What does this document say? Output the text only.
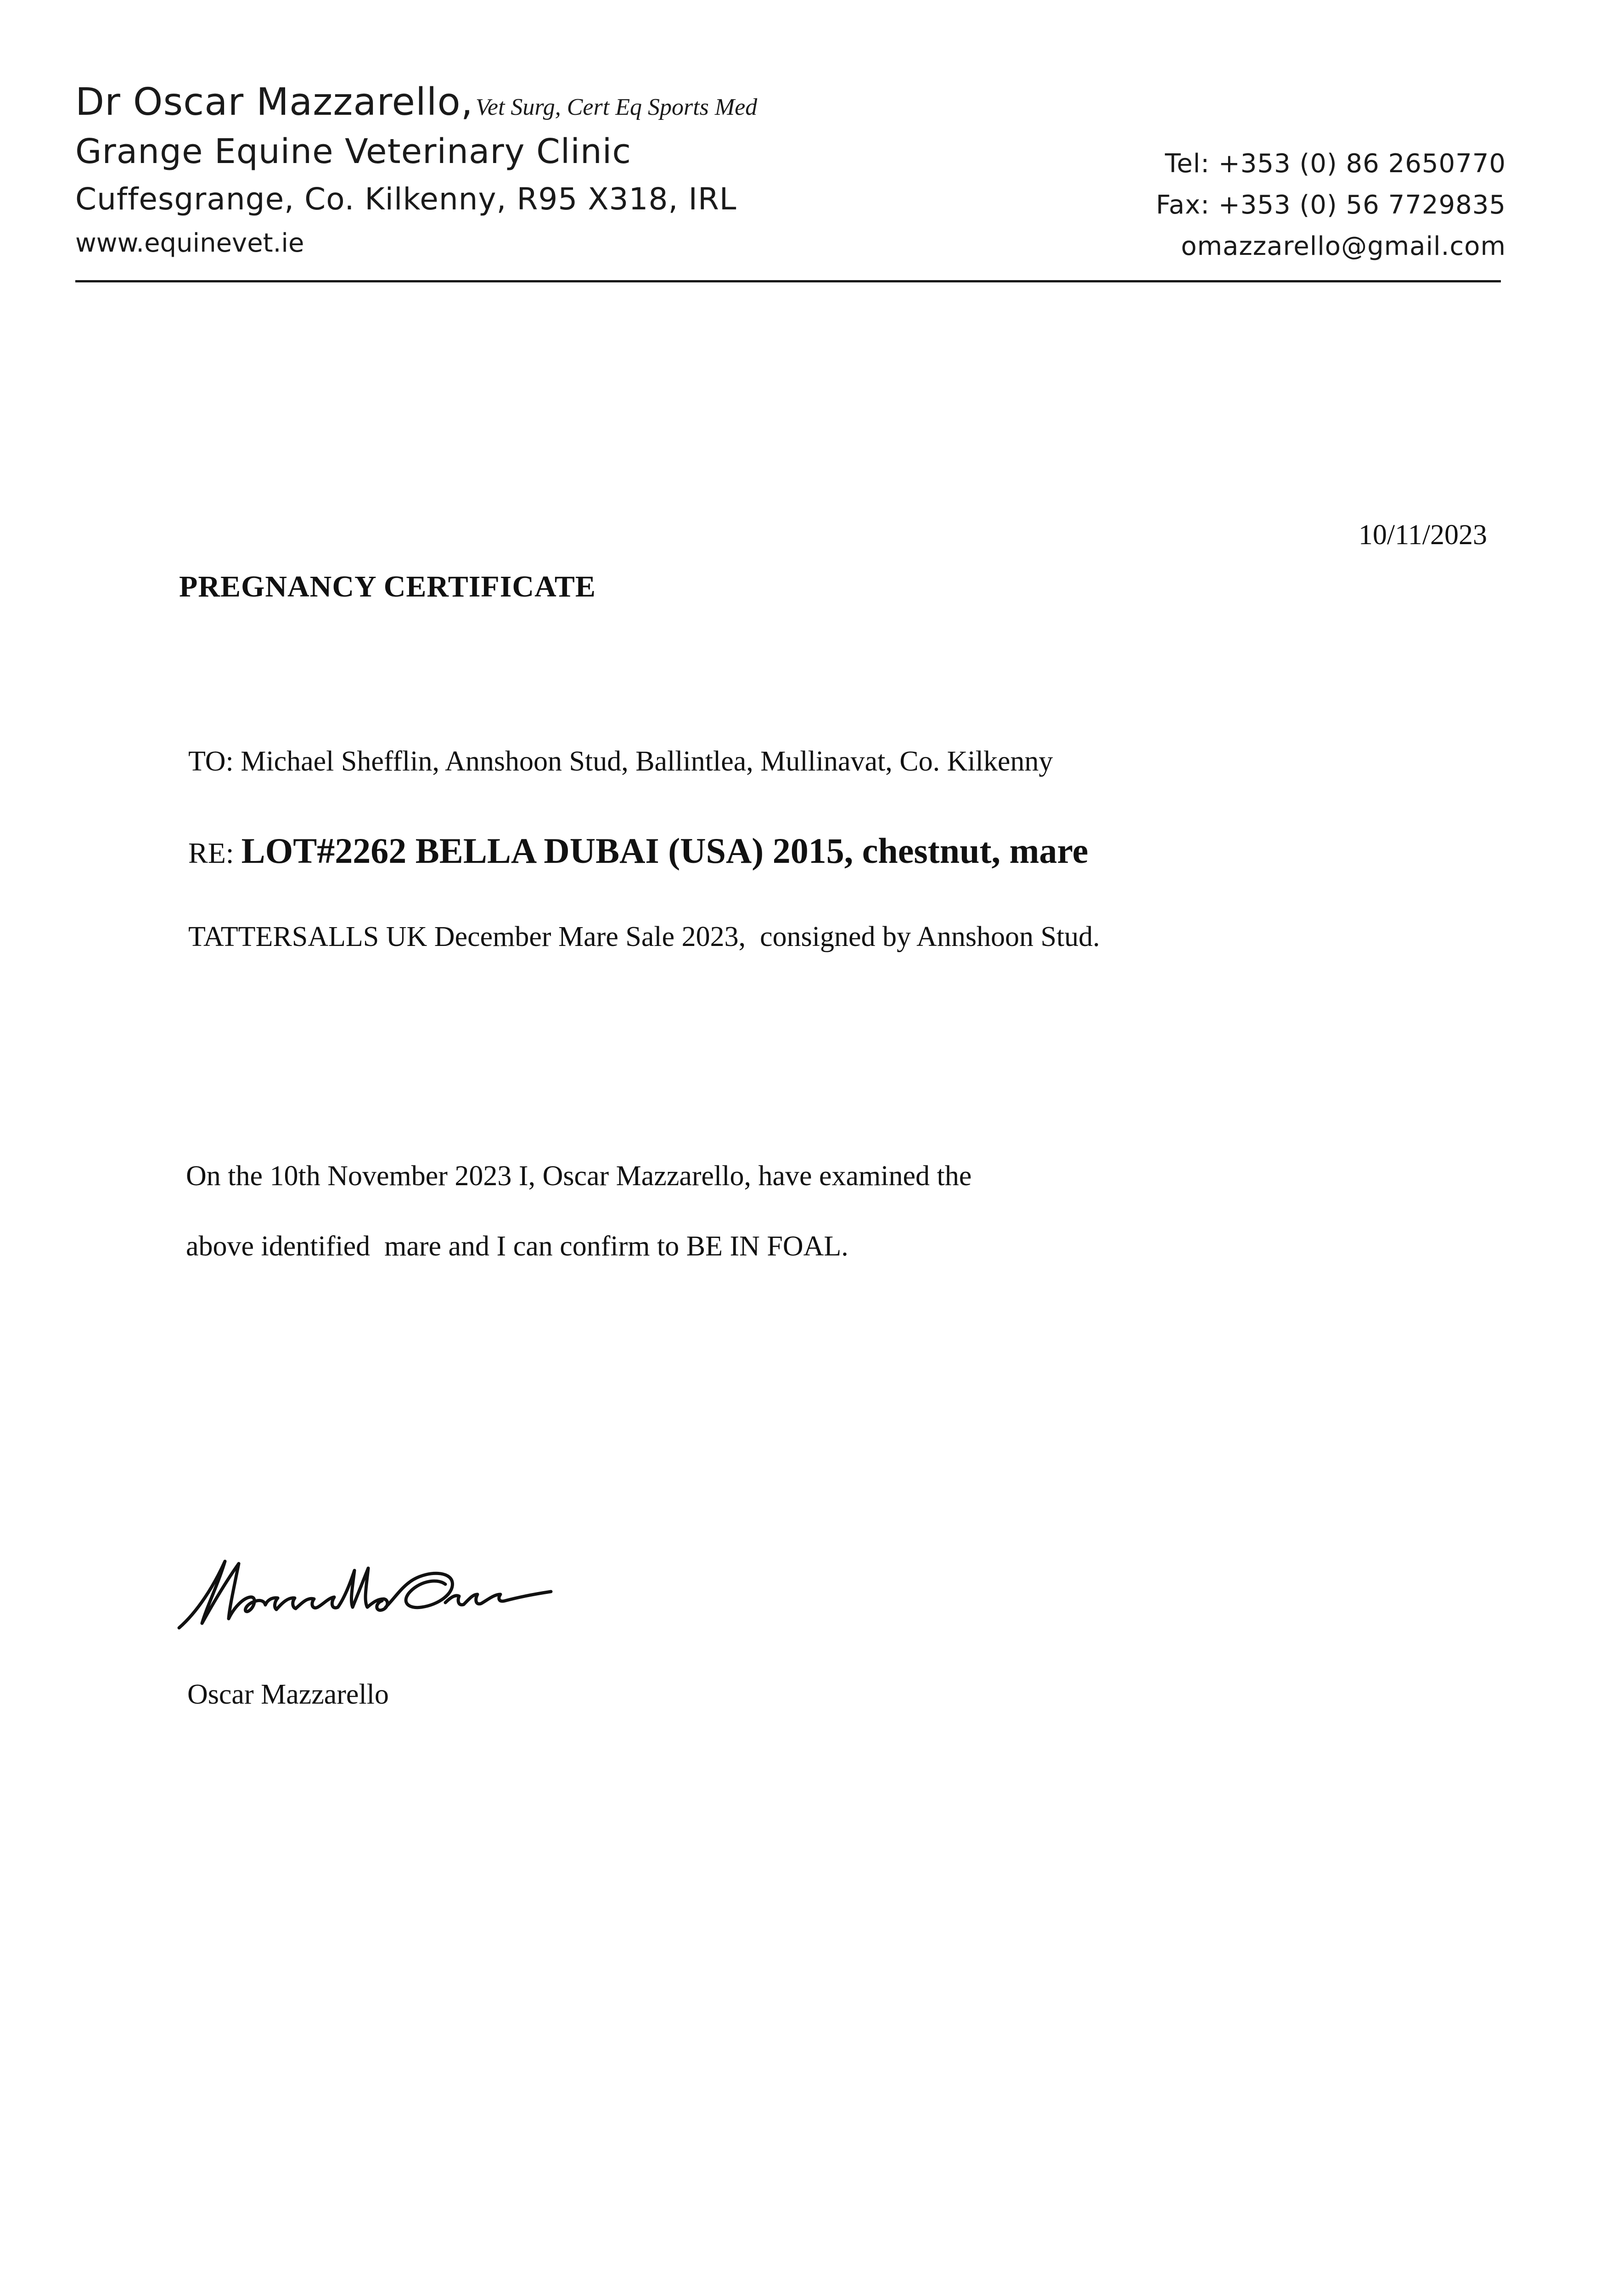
Dr Oscar Mazzarello, Vet Surg, Cert Eq Sports Med
Grange Equine Veterinary Clinic
Cuffesgrange, Co. Kilkenny, R95 X318, IRL
www.equinevet.ie
Tel: +353 (0) 86 2650770
Fax: +353 (0) 56 7729835
omazzarello@gmail.com
10/11/2023
PREGNANCY CERTIFICATE
TO: Michael Shefflin, Annshoon Stud, Ballintlea, Mullinavat, Co. Kilkenny
RE: LOT#2262 BELLA DUBAI (USA) 2015, chestnut, mare
TATTERSALLS UK December Mare Sale 2023,  consigned by Annshoon Stud.
On the 10th November 2023 I, Oscar Mazzarello, have examined the
above identified  mare and I can confirm to BE IN FOAL.
Oscar Mazzarello
